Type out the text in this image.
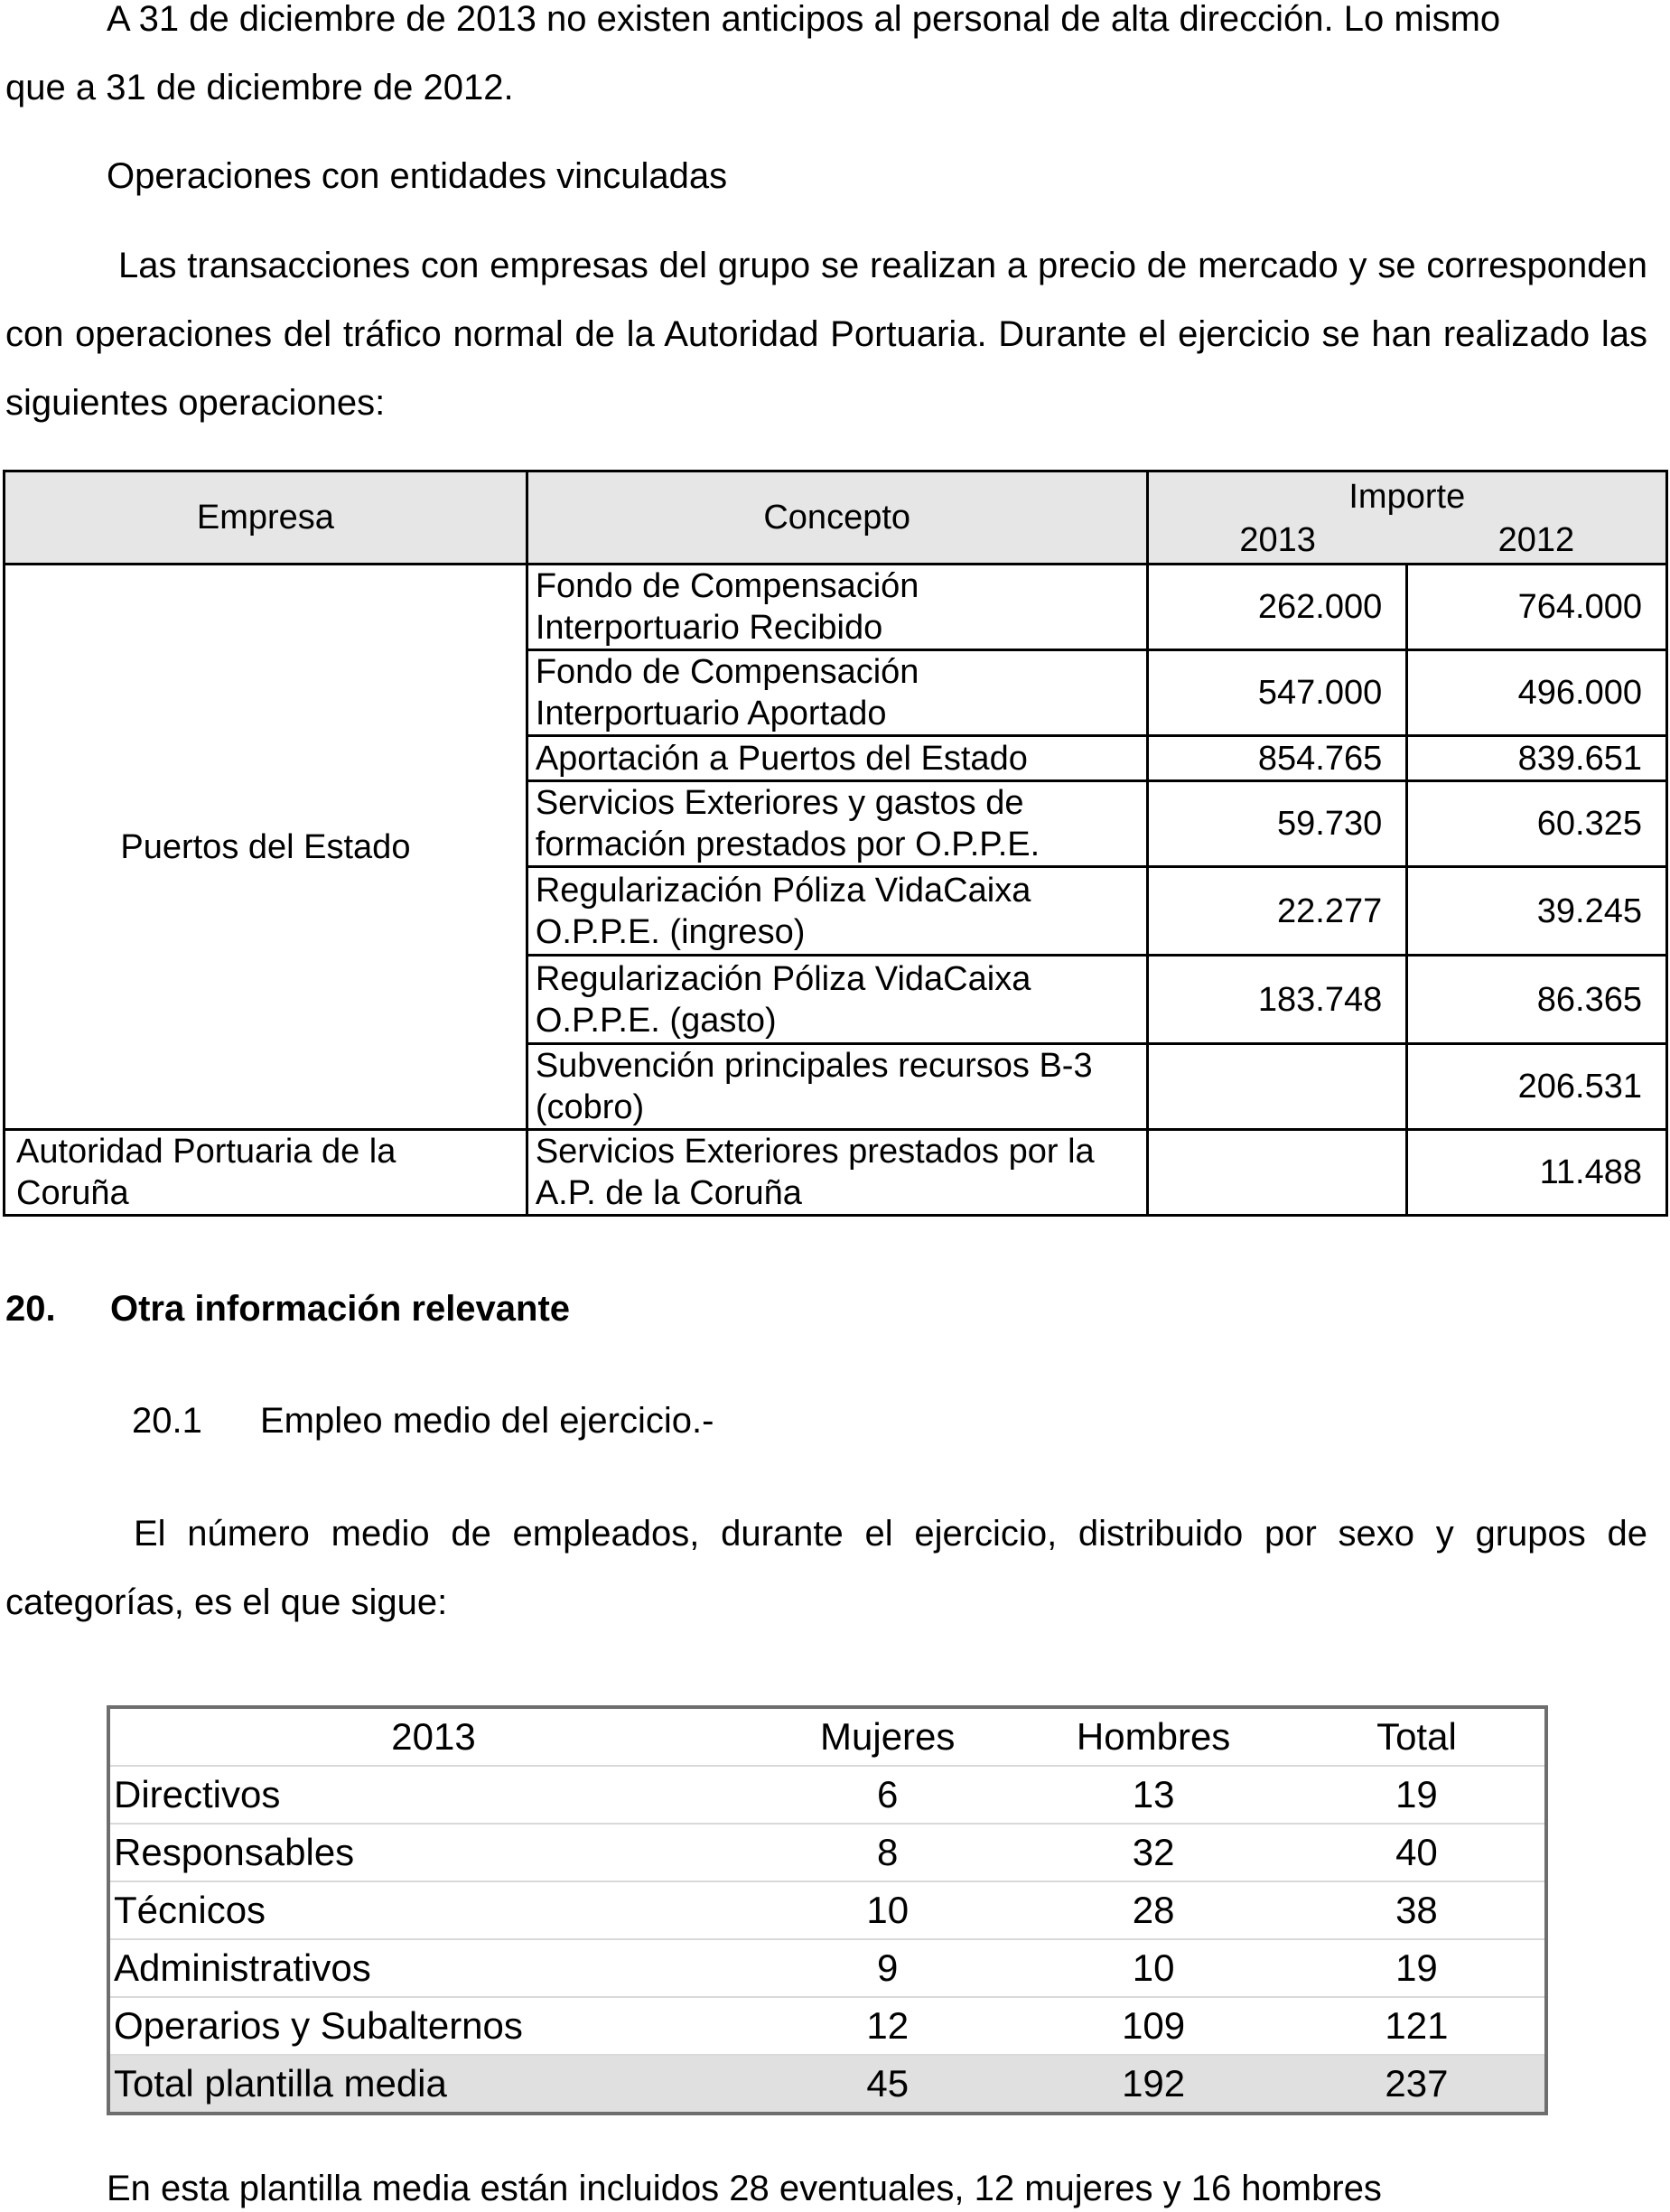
A 31 de diciembre de 2013 no existen anticipos al personal de alta dirección. Lo mismo

que a 31 de diciembre de 2012.

Operaciones con entidades vinculadas

Las transacciones con empresas del grupo se realizan a precio de mercado y se corresponden con operaciones del tráfico normal de la Autoridad Portuaria. Durante el ejercicio se han realizado las siguientes operaciones:

Empresa	Concepto	Importe	
		2013	2012
Puertos del Estado	Fondo de Compensación Interportuario Recibido	262.000	764.000
	Fondo de Compensación Interportuario Aportado	547.000	496.000
	Aportación a Puertos del Estado	854.765	839.651
	Servicios Exteriores y gastos de formación prestados por O.P.P.E.	59.730	60.325
	Regularización Póliza VidaCaixa O.P.P.E. (ingreso)	22.277	39.245
	Regularización Póliza VidaCaixa O.P.P.E. (gasto)	183.748	86.365
	Subvención principales recursos B-3 (cobro)		206.531
Autoridad Portuaria de la Coruña	Servicios Exteriores prestados por la A.P. de la Coruña		11.488
20. Otra información relevante

20.1 Empleo medio del ejercicio.-

El número medio de empleados, durante el ejercicio, distribuido por sexo y grupos de categorías, es el que sigue:

2013	Mujeres	Hombres	Total
Directivos	6	13	19
Responsables	8	32	40
Técnicos	10	28	38
Administrativos	9	10	19
Operarios y Subalternos	12	109	121
Total plantilla media	45	192	237

En esta plantilla media están incluidos 28 eventuales, 12 mujeres y 16 hombres
